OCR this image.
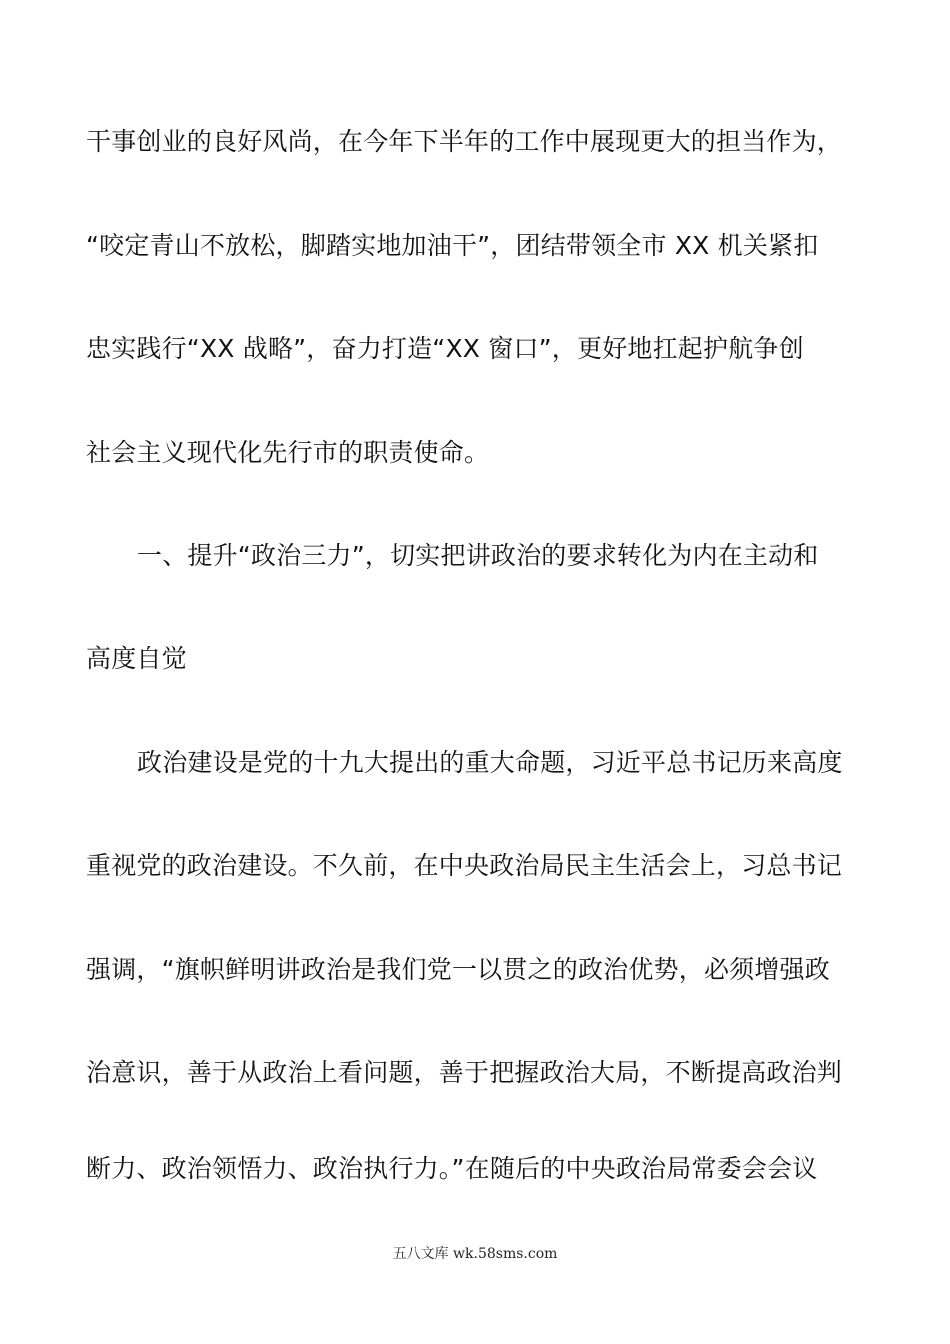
干事创业的良好风尚，在今年下半年的工作中展现更大的担当作为，
“咬定青山不放松，脚踏实地加油干”，团结带领全市 XX 机关紧扣
忠实践行“XX 战略”，奋力打造“XX 窗口”，更好地扛起护航争创
社会主义现代化先行市的职责使命。
一、提升“政治三力”，切实把讲政治的要求转化为内在主动和
高度自觉
政治建设是党的十九大提出的重大命题，习近平总书记历来高度
重视党的政治建设。不久前，在中央政治局民主生活会上，习总书记
强调，“旗帜鲜明讲政治是我们党一以贯之的政治优势，必须增强政
治意识，善于从政治上看问题，善于把握政治大局，不断提高政治判
断力、政治领悟力、政治执行力。”在随后的中央政治局常委会会议
五八文库 wk.58sms.com
